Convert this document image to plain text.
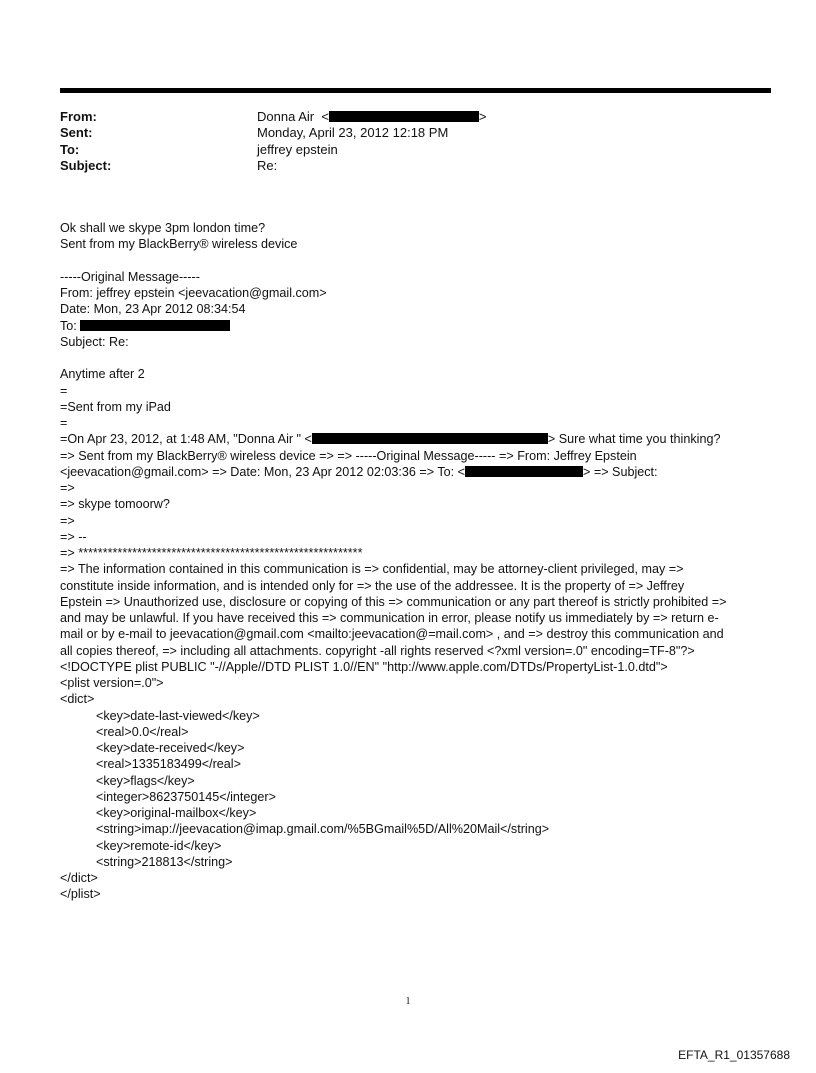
From:	Donna Air <	>
Sent:	Monday, April 23, 2012 12:18 PM
To:	jeffrey epstein
Subject:	Re:
Ok shall we skype 3pm london time?
Sent from my BlackBerry® wireless device
-----Original Message-----
From: jeffrey epstein <jeevacation@gmail.com>
Date: Mon, 23 Apr 2012 08:34:54
To:
Subject: Re:
Anytime after 2
=
=Sent from my iPad
=
=On Apr 23, 2012, at 1:48 AM, "Donna Air " <	> Sure what time you thinking?
=> Sent from my BlackBerry® wireless device => => -----Original Message----- => From: Jeffrey Epstein
<jeevacation@gmail.com> => Date: Mon, 23 Apr 2012 02:03:36 => To: <	> => Subject:
=>
=> skype tomoorw?
=>
=> --
=> **********************************************************
=> The information contained in this communication is => confidential, may be attorney-client privileged, may =>
constitute inside information, and is intended only for => the use of the addressee. It is the property of => Jeffrey
Epstein => Unauthorized use, disclosure or copying of this => communication or any part thereof is strictly prohibited =>
and may be unlawful. If you have received this => communication in error, please notify us immediately by => return e-
mail or by e-mail to jeevacation@gmail.com <mailto:jeevacation@=mail.com> , and => destroy this communication and
all copies thereof, => including all attachments. copyright -all rights reserved <?xml version=.0" encoding=TF-8"?>
<!DOCTYPE plist PUBLIC "-//Apple//DTD PLIST 1.0//EN" "http://www.apple.com/DTDs/PropertyList-1.0.dtd">
<plist version=.0">
<dict>
<key>date-last-viewed</key>
<real>0.0</real>
<key>date-received</key>
<real>1335183499</real>
<key>flags</key>
<integer>8623750145</integer>
<key>original-mailbox</key>
<string>imap://jeevacation@imap.gmail.com/%5BGmail%5D/All%20Mail</string>
<key>remote-id</key>
<string>218813</string>
</dict>
</plist>
1
EFTA_R1_01357688
